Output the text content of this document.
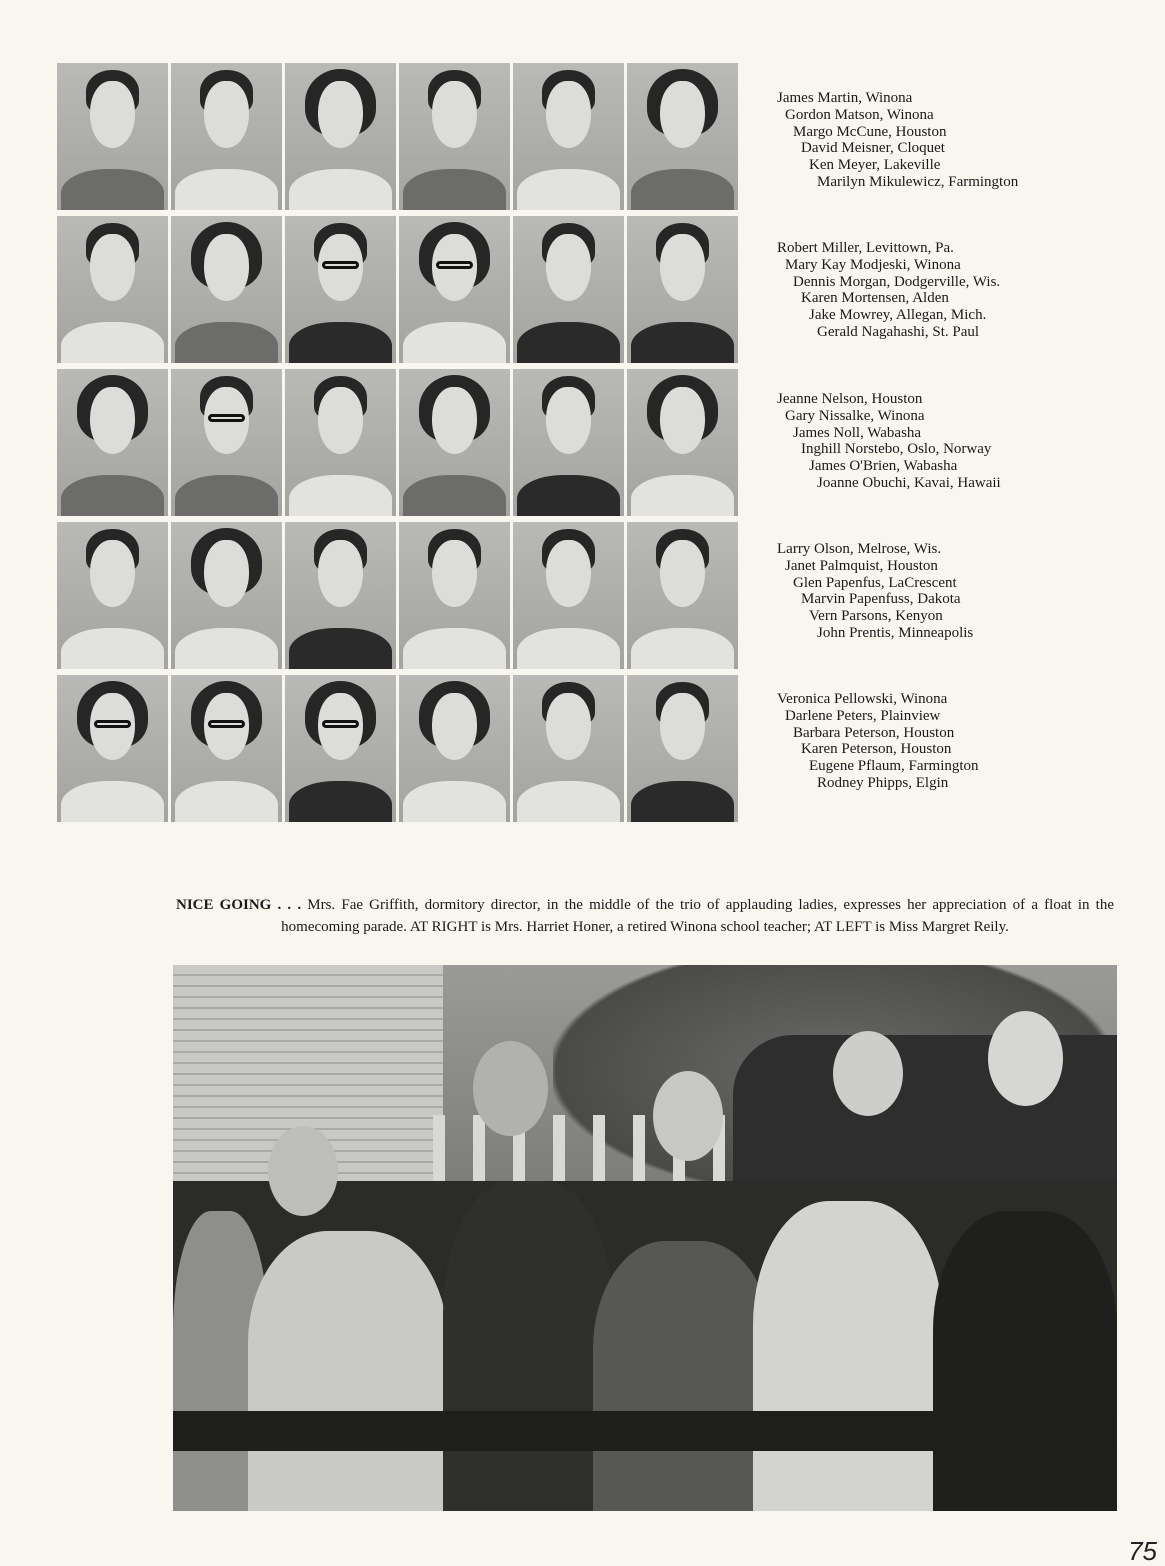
James Martin, Winona
Gordon Matson, Winona
Margo McCune, Houston
David Meisner, Cloquet
Ken Meyer, Lakeville
Marilyn Mikulewicz, Farmington
Robert Miller, Levittown, Pa.
Mary Kay Modjeski, Winona
Dennis Morgan, Dodgerville, Wis.
Karen Mortensen, Alden
Jake Mowrey, Allegan, Mich.
Gerald Nagahashi, St. Paul
Jeanne Nelson, Houston
Gary Nissalke, Winona
James Noll, Wabasha
Inghill Norstebo, Oslo, Norway
James O'Brien, Wabasha
Joanne Obuchi, Kavai, Hawaii
Larry Olson, Melrose, Wis.
Janet Palmquist, Houston
Glen Papenfus, LaCrescent
Marvin Papenfuss, Dakota
Vern Parsons, Kenyon
John Prentis, Minneapolis
Veronica Pellowski, Winona
Darlene Peters, Plainview
Barbara Peterson, Houston
Karen Peterson, Houston
Eugene Pflaum, Farmington
Rodney Phipps, Elgin

NICE GOING . . . Mrs. Fae Griffith, dormitory director, in the middle of the trio of applauding ladies, expresses her appreciation of a float in the homecoming parade. AT RIGHT is Mrs. Harriet Honer, a retired Winona school teacher; AT LEFT is Miss Margret Reily.

75
